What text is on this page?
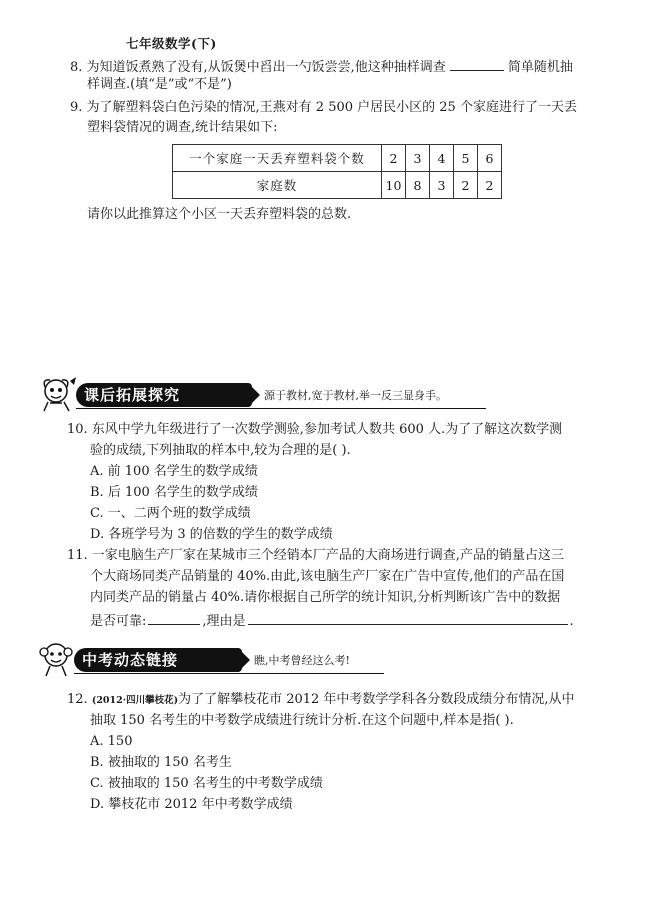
七年级数学(下)
8. 为知道饭煮熟了没有,从饭煲中舀出一勺饭尝尝,他这种抽样调查	简单随机抽
样调查.(填“是”或“不是”)
9. 为了解塑料袋白色污染的情况,王燕对有 2 500 户居民小区的 25 个家庭进行了一天丢
塑料袋情况的调查,统计结果如下:
一个家庭一天丢弃塑料袋个数	2	3	4	5	6
家庭数	10	8	3	2	2
请你以此推算这个小区一天丢弃塑料袋的总数.
课后拓展探究	源于教材,宽于教材,举一反三显身手。
10. 东风中学九年级进行了一次数学测验,参加考试人数共 600 人.为了了解这次数学测
验的成绩,下列抽取的样本中,较为合理的是( ).
A. 前 100 名学生的数学成绩
B. 后 100 名学生的数学成绩
C. 一、二两个班的数学成绩
D. 各班学号为 3 的倍数的学生的数学成绩
11. 一家电脑生产厂家在某城市三个经销本厂产品的大商场进行调查,产品的销量占这三
个大商场同类产品销量的 40%.由此,该电脑生产厂家在广告中宣传,他们的产品在国
内同类产品的销量占 40%.请你根据自己所学的统计知识,分析判断该广告中的数据
是否可靠:	,理由是	.
中考动态链接	瞧,中考曾经这么考!
12. (2012·四川攀枝花)为了了解攀枝花市 2012 年中考数学学科各分数段成绩分布情况,从中
抽取 150 名考生的中考数学成绩进行统计分析.在这个问题中,样本是指( ).
A. 150
B. 被抽取的 150 名考生
C. 被抽取的 150 名考生的中考数学成绩
D. 攀枝花市 2012 年中考数学成绩
